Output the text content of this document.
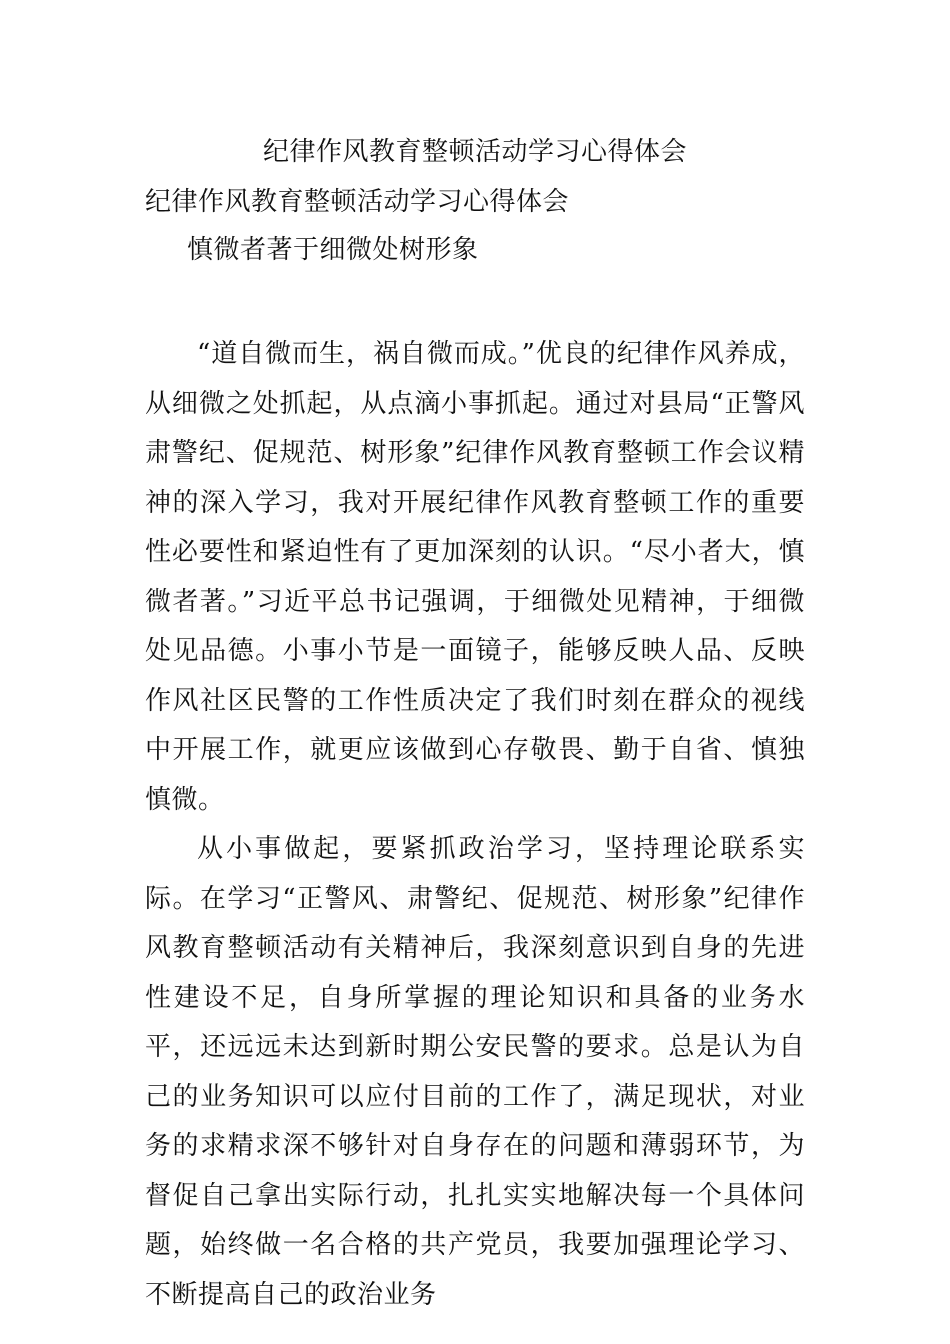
纪律作风教育整顿活动学习心得体会
纪律作风教育整顿活动学习心得体会
慎微者著于细微处树形象

“道自微而生，祸自微而成。”优良的纪律作风养成，从细微之处抓起，从点滴小事抓起。通过对县局“正警风肃警纪、促规范、树形象”纪律作风教育整顿工作会议精神的深入学习，我对开展纪律作风教育整顿工作的重要性必要性和紧迫性有了更加深刻的认识。“尽小者大，慎微者著。”习近平总书记强调，于细微处见精神，于细微处见品德。小事小节是一面镜子，能够反映人品、反映作风社区民警的工作性质决定了我们时刻在群众的视线中开展工作，就更应该做到心存敬畏、勤于自省、慎独慎微。

从小事做起，要紧抓政治学习，坚持理论联系实际。在学习“正警风、肃警纪、促规范、树形象”纪律作风教育整顿活动有关精神后，我深刻意识到自身的先进性建设不足，自身所掌握的理论知识和具备的业务水平，还远远未达到新时期公安民警的要求。总是认为自己的业务知识可以应付目前的工作了，满足现状，对业务的求精求深不够针对自身存在的问题和薄弱环节，为督促自己拿出实际行动，扎扎实实地解决每一个具体问题，始终做一名合格的共产党员，我要加强理论学习、不断提高自己的政治业务
